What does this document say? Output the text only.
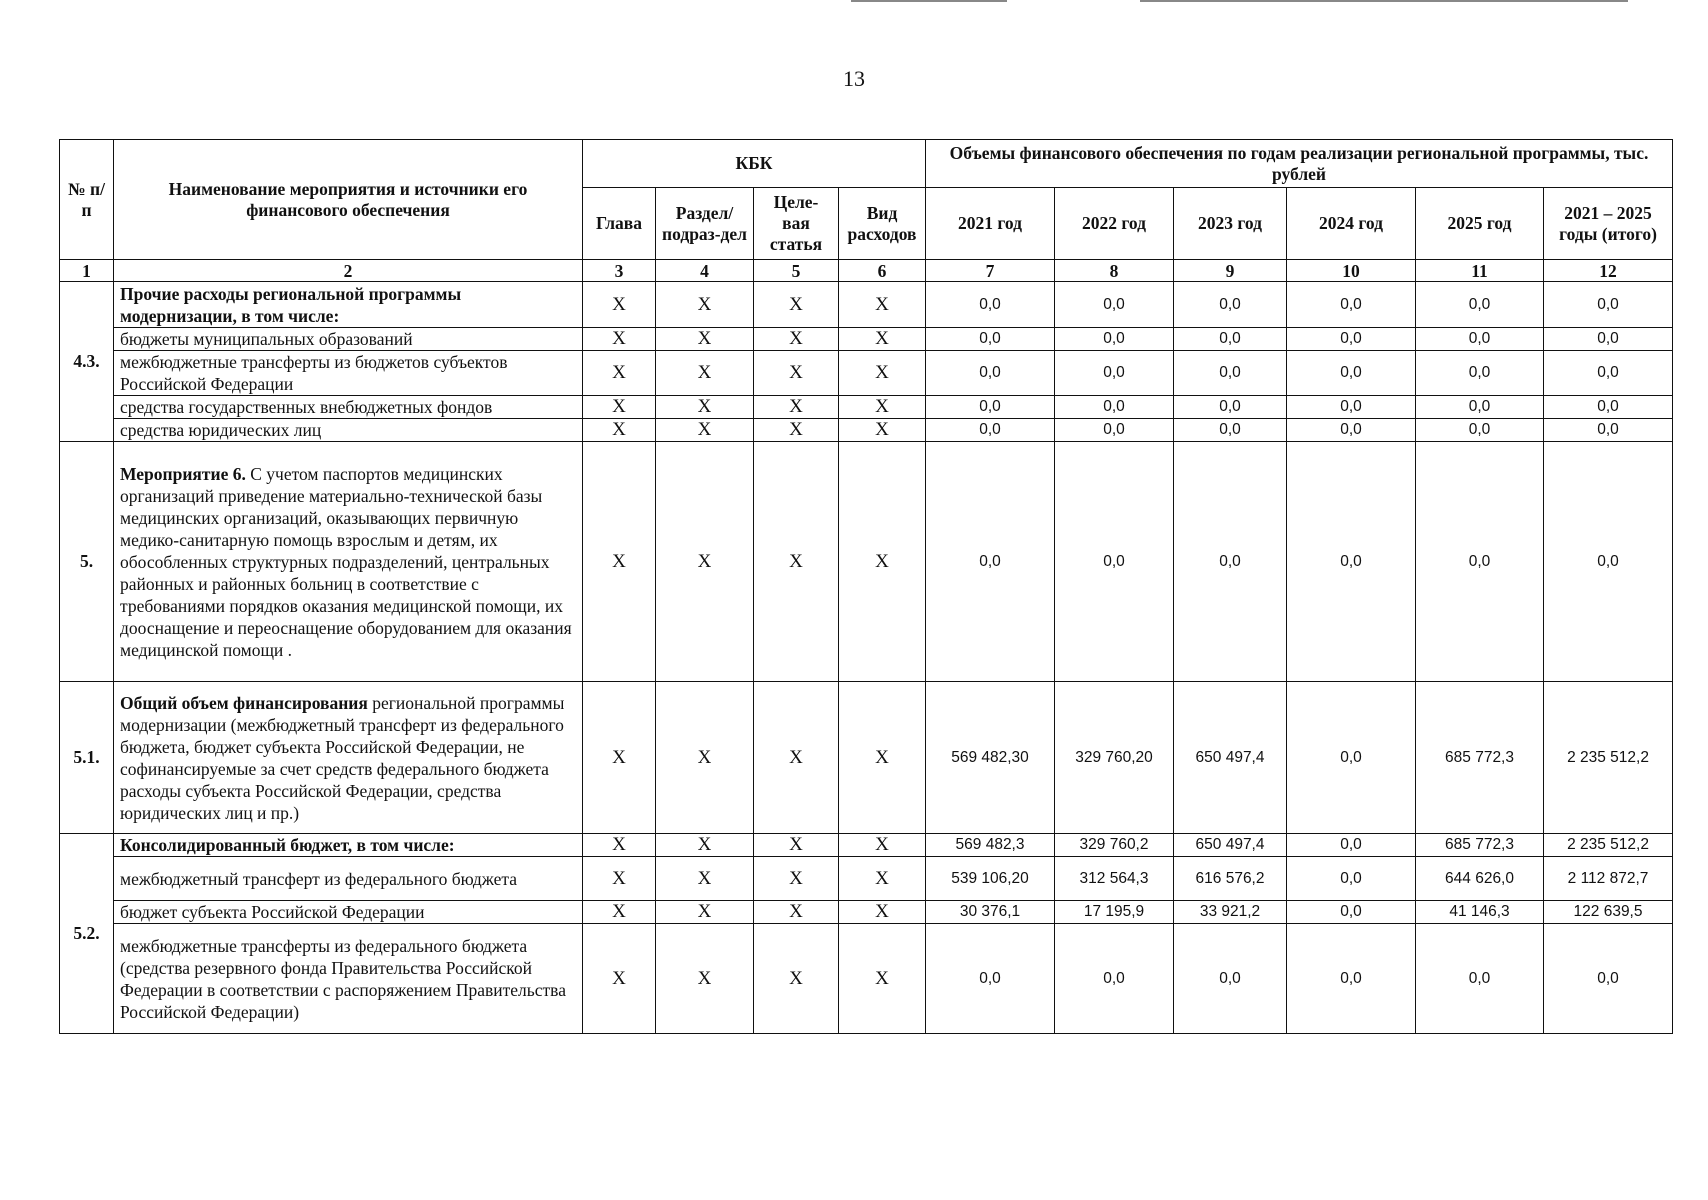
13
№ п/п	Наименование мероприятия и источники его финансового обеспечения	КБК				Объемы финансового обеспечения по годам реализации региональной программы, тыс. рублей					
		Глава	Раздел/ подраз-дел	Целе-вая статья	Вид расходов	2021 год	2022 год	2023 год	2024 год	2025 год	2021 – 2025 годы (итого)
1	2	3	4	5	6	7	8	9	10	11	12
4.3.	Прочие расходы региональной программы модернизации, в том числе:	X	X	X	X	0,0	0,0	0,0	0,0	0,0	0,0
	бюджеты муниципальных образований	X	X	X	X	0,0	0,0	0,0	0,0	0,0	0,0
	межбюджетные трансферты из бюджетов субъектов Российской Федерации	X	X	X	X	0,0	0,0	0,0	0,0	0,0	0,0
	средства государственных внебюджетных фондов	X	X	X	X	0,0	0,0	0,0	0,0	0,0	0,0
	средства юридических лиц	X	X	X	X	0,0	0,0	0,0	0,0	0,0	0,0
5.	Мероприятие 6. С учетом паспортов медицинских организаций приведение материально-технической базы медицинских организаций, оказывающих первичную медико-санитарную помощь взрослым и детям, их обособленных структурных подразделений, центральных районных и районных больниц в соответствие с требованиями порядков оказания медицинской помощи, их дооснащение и переоснащение оборудованием для оказания медицинской помощи .	X	X	X	X	0,0	0,0	0,0	0,0	0,0	0,0
5.1.	Общий объем финансирования региональной программы модернизации (межбюджетный трансферт из федерального бюджета, бюджет субъекта Российской Федерации, не софинансируемые за счет средств федерального бюджета расходы субъекта Российской Федерации, средства юридических лиц и пр.)	X	X	X	X	569 482,30	329 760,20	650 497,4	0,0	685 772,3	2 235 512,2
5.2.	Консолидированный бюджет, в том числе:	X	X	X	X	569 482,3	329 760,2	650 497,4	0,0	685 772,3	2 235 512,2
	межбюджетный трансферт из федерального бюджета	X	X	X	X	539 106,20	312 564,3	616 576,2	0,0	644 626,0	2 112 872,7
	бюджет субъекта Российской Федерации	X	X	X	X	30 376,1	17 195,9	33 921,2	0,0	41 146,3	122 639,5
	межбюджетные трансферты из федерального бюджета (средства резервного фонда Правительства Российской Федерации в соответствии с распоряжением Правительства Российской Федерации)	X	X	X	X	0,0	0,0	0,0	0,0	0,0	0,0
